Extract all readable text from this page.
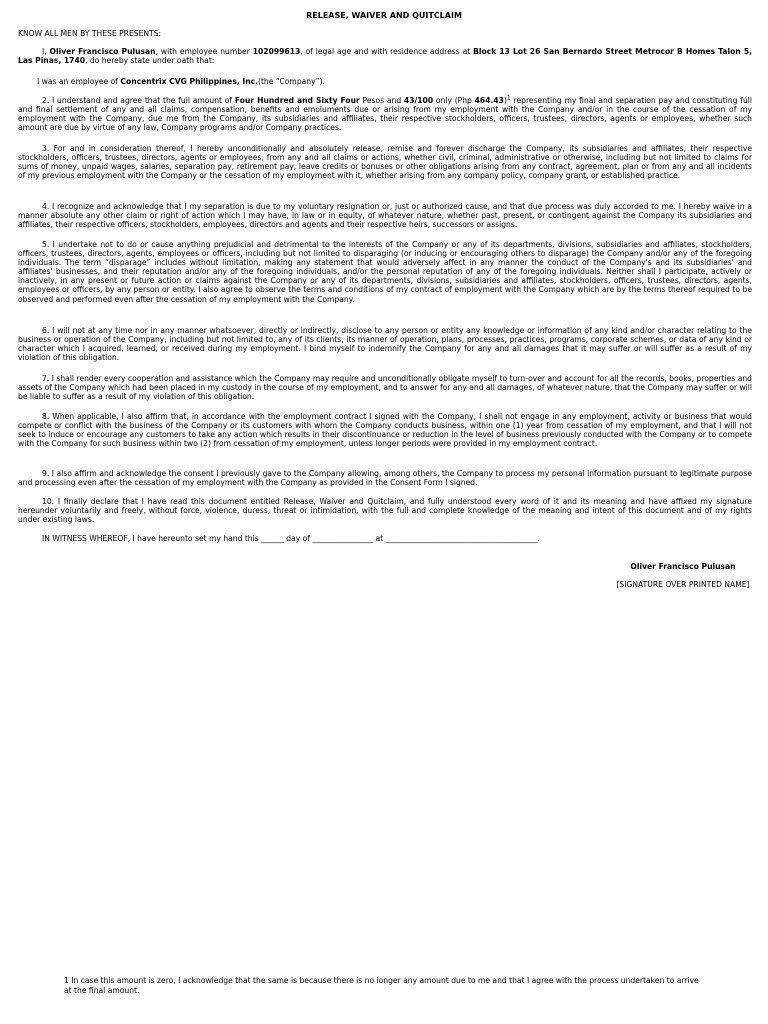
RELEASE, WAIVER AND QUITCLAIM
KNOW ALL MEN BY THESE PRESENTS:

I, Oliver Francisco Pulusan, with employee number 102099613, of legal age and with residence address at Block 13 Lot 26 San Bernardo Street Metrocor B Homes Talon 5, Las Pinas, 1740, do hereby state under oath that:

I was an employee of Concentrix CVG Philippines, Inc.(the “Company”).

2. I understand and agree that the full amount of Four Hundred and Sixty Four Pesos and 43/100 only (Php 464.43)$^1$ representing my final and separation pay and constituting full and final settlement of any and all claims, compensation, benefits and emoluments due or arising from my employment with the Company and/or in the course of the cessation of my employment with the Company, due me from the Company, its subsidiaries and affiliates, their respective stockholders, officers, trustees, directors, agents or employees, whether such amount are due by virtue of any law, Company programs and/or Company practices.

3. For and in consideration thereof, I hereby unconditionally and absolutely release, remise and forever discharge the Company, its subsidiaries and affiliates, their respective stockholders, officers, trustees, directors, agents or employees, from any and all claims or actions, whether civil, criminal, administrative or otherwise, including but not limited to claims for sums of money, unpaid wages, salaries, separation pay, retirement pay, leave credits or bonuses or other obligations arising from any contract, agreement, plan or from any and all incidents of my previous employment with the Company or the cessation of my employment with it, whether arising from any company policy, company grant, or established practice.

4. I recognize and acknowledge that I my separation is due to my voluntary resignation or, just or authorized cause, and that due process was duly accorded to me. I hereby waive in a manner absolute any other claim or right of action which I may have, in law or in equity, of whatever nature, whether past, present, or contingent against the Company its subsidiaries and affiliates, their respective officers, stockholders, employees, directors and agents and their respective heirs, successors or assigns.

5. I undertake not to do or cause anything prejudicial and detrimental to the interests of the Company or any of its departments, divisions, subsidiaries and affiliates, stockholders, officers, trustees, directors, agents, employees or officers, including but not limited to disparaging (or inducing or encouraging others to disparage) the Company and/or any of the foregoing individuals. The term “disparage” includes without limitation, making any statement that would adversely affect in any manner the conduct of the Company's and its subsidiaries' and affiliates' businesses, and their reputation and/or any of the foregoing individuals, and/or the personal reputation of any of the foregoing individuals. Neither shall I participate, actively or inactively, in any present or future action or claims against the Company or any of its departments, divisions, subsidiaries and affiliates, stockholders, officers, trustees, directors, agents, employees or officers, by any person or entity. I also agree to observe the terms and conditions of my contract of employment with the Company which are by the terms thereof required to be observed and performed even after the cessation of my employment with the Company.

6. I will not at any time nor in any manner whatsoever, directly or indirectly, disclose to any person or entity any knowledge or information of any kind and/or character relating to the business or operation of the Company, including but not limited to, any of its clients, its manner of operation, plans, processes, practices, programs, corporate schemes, or data of any kind or character which I acquired, learned, or received during my employment. I bind myself to indemnify the Company for any and all damages that it may suffer or will suffer as a result of my violation of this obligation.

7. I shall render every cooperation and assistance which the Company may require and unconditionally obligate myself to turn-over and account for all the records, books, properties and assets of the Company which had been placed in my custody in the course of my employment, and to answer for any and all damages, of whatever nature, that the Company may suffer or will be liable to suffer as a result of my violation of this obligation.

8. When applicable, I also affirm that, in accordance with the employment contract I signed with the Company, I shall not engage in any employment, activity or business that would compete or conflict with the business of the Company or its customers with whom the Company conducts business, within one (1) year from cessation of my employment, and that I will not seek to induce or encourage any customers to take any action which results in their discontinuance or reduction in the level of business previously conducted with the Company or to compete with the Company for such business within two (2) from cessation of my employment, unless longer periods were provided in my employment contract.

9. I also affirm and acknowledge the consent I previously gave to the Company allowing, among others, the Company to process my personal information pursuant to legitimate purpose and processing even after the cessation of my employment with the Company as provided in the Consent Form I signed.

10. I finally declare that I have read this document entitled Release, Waiver and Quitclaim, and fully understood every word of it and its meaning and have affixed my signature hereunder voluntarily and freely, without force, violence, duress, threat or intimidation, with the full and complete knowledge of the meaning and intent of this document and of my rights under existing laws.

IN WITNESS WHEREOF, I have hereunto set my hand this ______ day of ________________ at ________________________________________.

Oliver Francisco Pulusan
[SIGNATURE OVER PRINTED NAME]
1 In case this amount is zero, I acknowledge that the same is because there is no longer any amount due to me and that I agree with the process undertaken to arrive at the final amount.
